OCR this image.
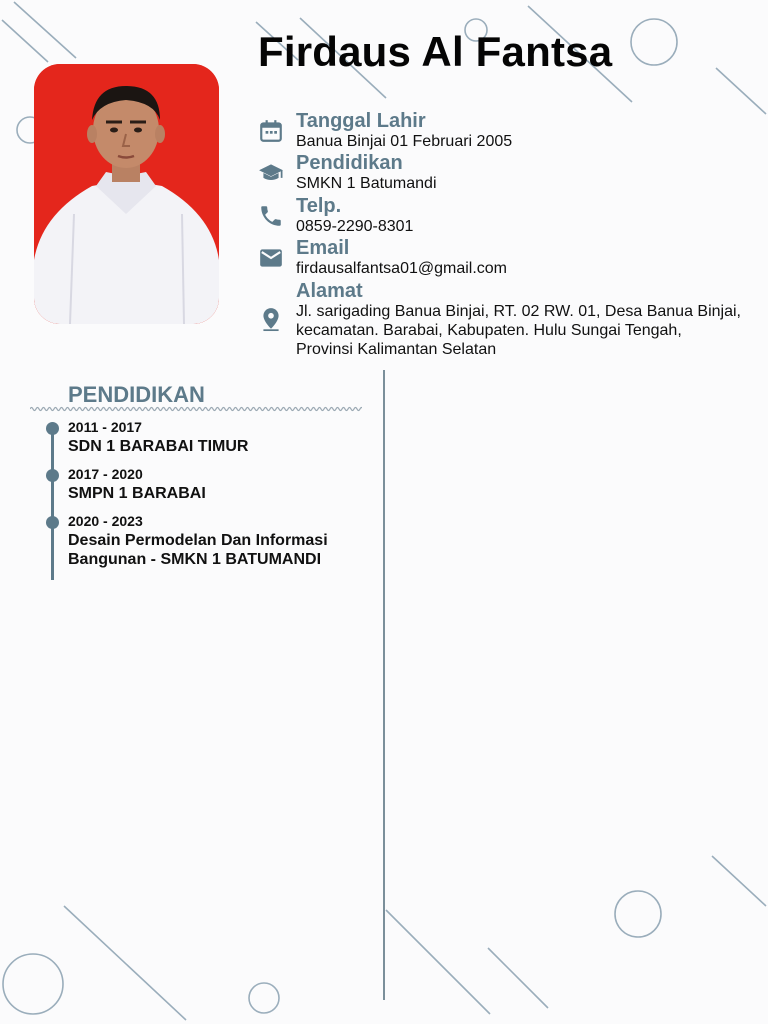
Firdaus Al Fantsa
Tanggal Lahir
Banua Binjai 01 Februari 2005
Pendidikan
SMKN 1 Batumandi
Telp.
0859-2290-8301
Email
firdausalfantsa01@gmail.com
Alamat
Jl. sarigading Banua Binjai, RT. 02 RW. 01, Desa Banua Binjai, kecamatan. Barabai, Kabupaten. Hulu Sungai Tengah, Provinsi Kalimantan Selatan
PENDIDIKAN
2011 - 2017
SDN 1 BARABAI TIMUR
2017 - 2020
SMPN 1 BARABAI
2020 - 2023
Desain Permodelan Dan Informasi Bangunan - SMKN 1 BATUMANDI
